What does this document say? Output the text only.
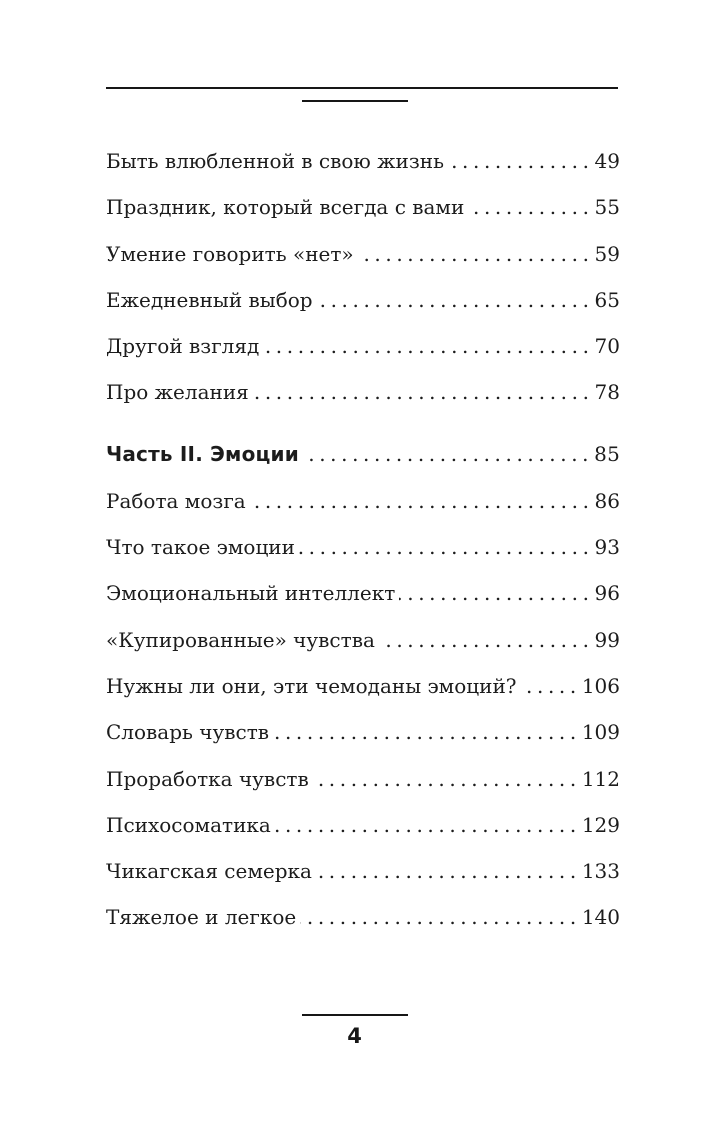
Быть влюбленной в свою жизнь .....	49
Праздник, который всегда с вами .....	55
Умение говорить «нет» .....	59
Ежедневный выбор .....	65
Другой взгляд .....	70
Про желания .....	78
Часть II. Эмоции .....	85
Работа мозга .....	86
Что такое эмоции .....	93
Эмоциональный интеллект .....	96
«Купированные» чувства .....	99
Нужны ли они, эти чемоданы эмоций? .....	106
Словарь чувств .....	109
Проработка чувств .....	112
Психосоматика .....	129
Чикагская семерка .....	133
Тяжелое и легкое .....	140
4
